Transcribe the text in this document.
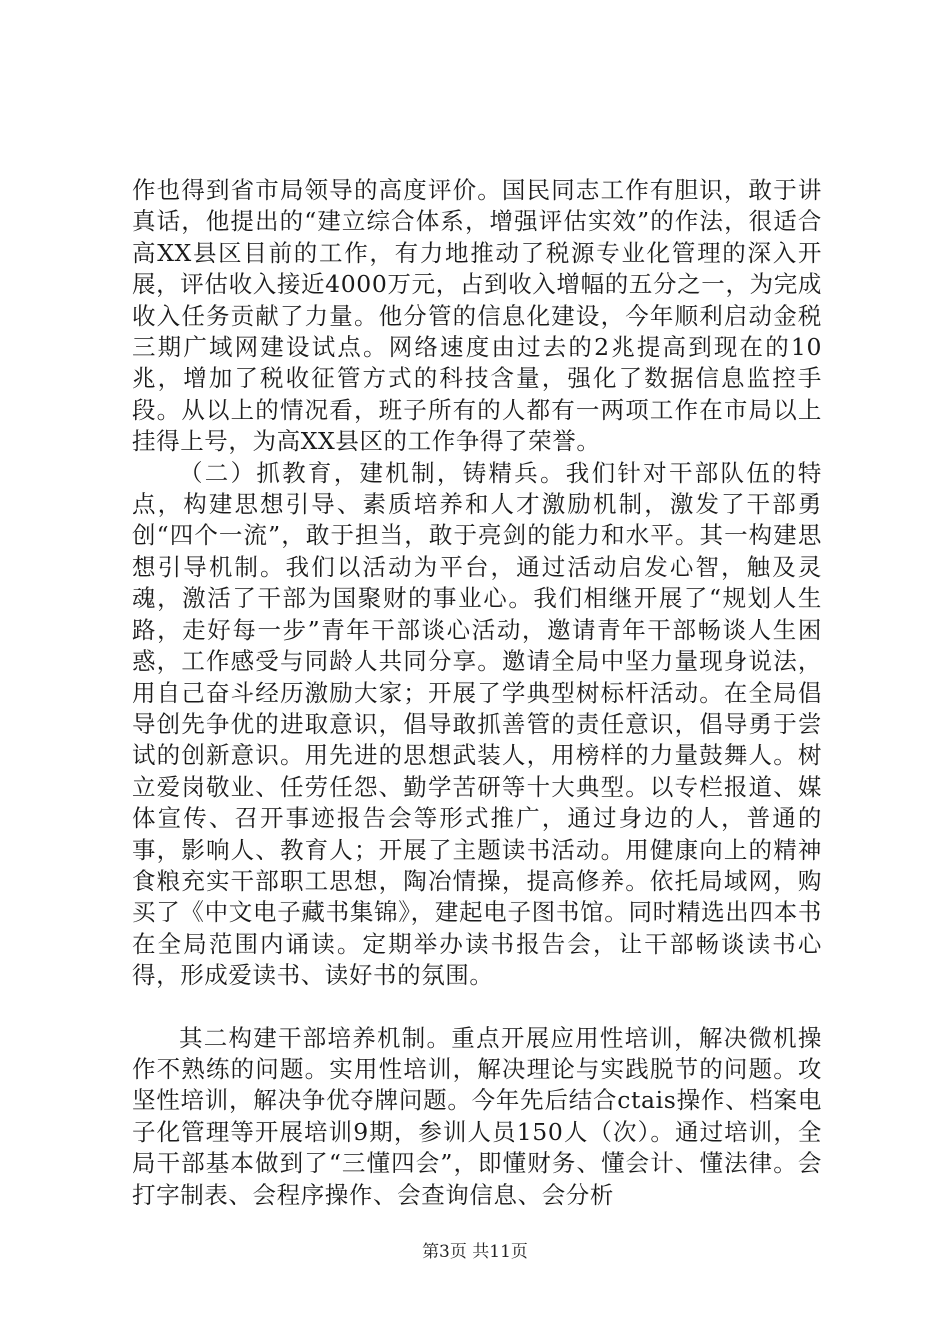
作也得到省市局领导的高度评价。国民同志工作有胆识，敢于讲真话，他提出的“建立综合体系，增强评估实效”的作法，很适合高XX县区目前的工作，有力地推动了税源专业化管理的深入开展，评估收入接近4000万元，占到收入增幅的五分之一，为完成收入任务贡献了力量。他分管的信息化建设，今年顺利启动金税三期广域网建设试点。网络速度由过去的2兆提高到现在的10兆，增加了税收征管方式的科技含量，强化了数据信息监控手段。从以上的情况看，班子所有的人都有一两项工作在市局以上挂得上号，为高XX县区的工作争得了荣誉。

（二）抓教育，建机制，铸精兵。我们针对干部队伍的特点，构建思想引导、素质培养和人才激励机制，激发了干部勇创“四个一流”，敢于担当，敢于亮剑的能力和水平。其一构建思想引导机制。我们以活动为平台，通过活动启发心智，触及灵魂，激活了干部为国聚财的事业心。我们相继开展了“规划人生路，走好每一步”青年干部谈心活动，邀请青年干部畅谈人生困惑，工作感受与同龄人共同分享。邀请全局中坚力量现身说法，用自己奋斗经历激励大家；开展了学典型树标杆活动。在全局倡导创先争优的进取意识，倡导敢抓善管的责任意识，倡导勇于尝试的创新意识。用先进的思想武装人，用榜样的力量鼓舞人。树立爱岗敬业、任劳任怨、勤学苦研等十大典型。以专栏报道、媒体宣传、召开事迹报告会等形式推广，通过身边的人，普通的事，影响人、教育人；开展了主题读书活动。用健康向上的精神食粮充实干部职工思想，陶冶情操，提高修养。依托局域网，购买了《中文电子藏书集锦》，建起电子图书馆。同时精选出四本书在全局范围内诵读。定期举办读书报告会，让干部畅谈读书心得，形成爱读书、读好书的氛围。

其二构建干部培养机制。重点开展应用性培训，解决微机操作不熟练的问题。实用性培训，解决理论与实践脱节的问题。攻坚性培训，解决争优夺牌问题。今年先后结合ctais操作、档案电子化管理等开展培训9期，参训人员150人（次）。通过培训，全局干部基本做到了“三懂四会”，即懂财务、懂会计、懂法律。会打字制表、会程序操作、会查询信息、会分析

第3页 共11页
